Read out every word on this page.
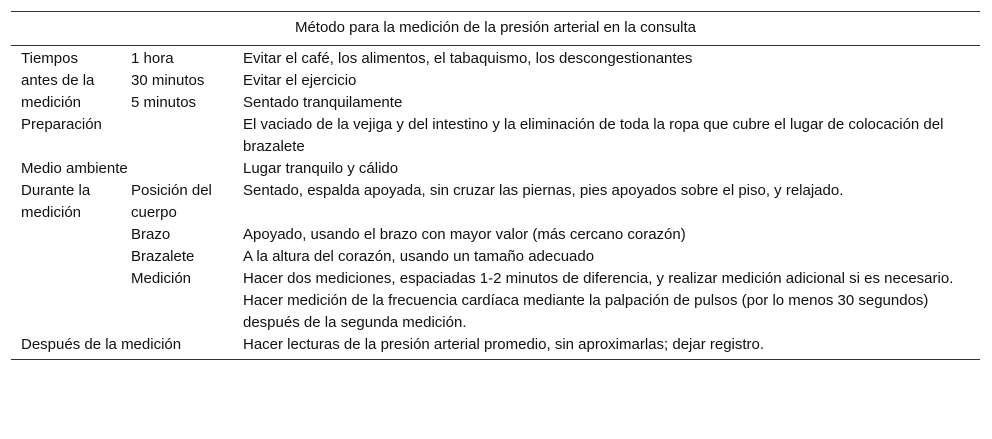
Método para la medición de la presión arterial en la consulta		
Tiempos antes de la medición	1 hora	Evitar el café, los alimentos, el tabaquismo, los descongestionantes
	30 minutos	Evitar el ejercicio
	5 minutos	Sentado tranquilamente
Preparación		El vaciado de la vejiga y del intestino y la eliminación de toda la ropa que cubre el lugar de colocación del brazalete
Medio ambiente		Lugar tranquilo y cálido
Durante la medición	Posición del cuerpo	Sentado, espalda apoyada, sin cruzar las piernas, pies apoyados sobre el piso, y relajado.
	Brazo	Apoyado, usando el brazo con mayor valor (más cercano corazón)
	Brazalete	A la altura del corazón, usando un tamaño adecuado
	Medición	Hacer dos mediciones, espaciadas 1-2 minutos de diferencia, y realizar medición adicional si es necesario. Hacer medición de la frecuencia cardíaca mediante la palpación de pulsos (por lo menos 30 segundos) después de la segunda medición.
Después de la medición		Hacer lecturas de la presión arterial promedio, sin aproximarlas; dejar registro.
